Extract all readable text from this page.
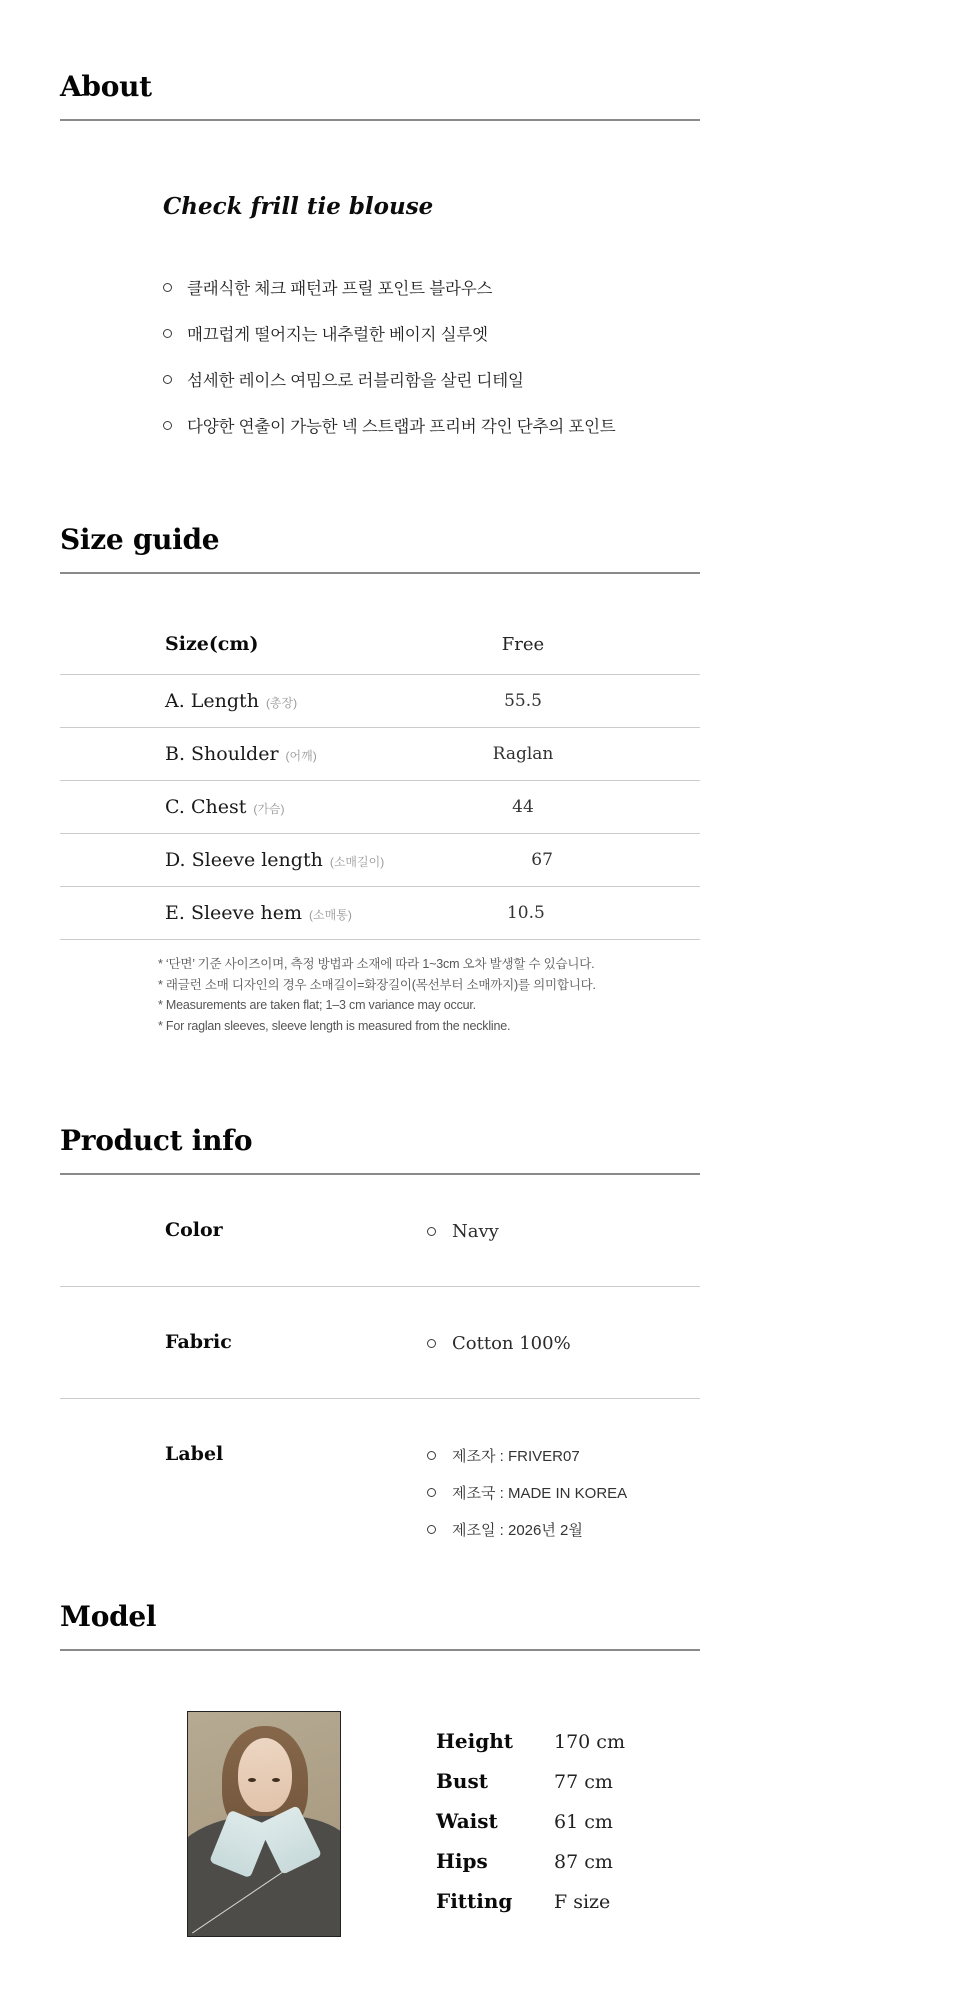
About
Check frill tie blouse
클래식한 체크 패턴과 프릴 포인트 블라우스
매끄럽게 떨어지는 내추럴한 베이지 실루엣
섬세한 레이스 여밈으로 러블리함을 살린 디테일
다양한 연출이 가능한 넥 스트랩과 프리버 각인 단추의 포인트
Size guide
Size(cm)	Free
A. Length (총장)	55.5
B. Shoulder (어깨)	Raglan
C. Chest (가슴)	44
D. Sleeve length (소매길이)	67
E. Sleeve hem (소매통)	10.5
* ‘단면’ 기준 사이즈이며, 측정 방법과 소재에 따라 1~3cm 오차 발생할 수 있습니다.
* 래글런 소매 디자인의 경우 소매길이=화장길이(목선부터 소매까지)를 의미합니다.
* Measurements are taken flat; 1–3 cm variance may occur.
* For raglan sleeves, sleeve length is measured from the neckline.
Product info
Color	Navy
Fabric	Cotton 100%
Label	제조자 : FRIVER07
제조국 : MADE IN KOREA
제조일 : 2026년 2월
Model
Height	170 cm
Bust	77 cm
Waist	61 cm
Hips	87 cm
Fitting	F size
